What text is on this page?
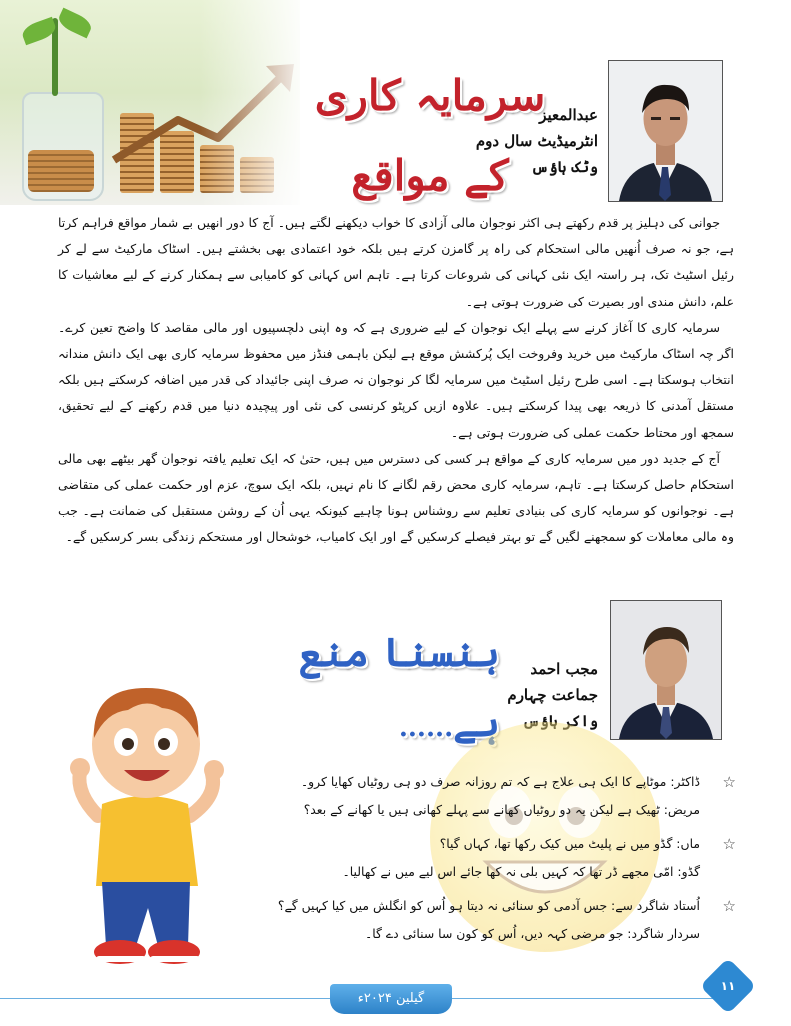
سرمایہ کاری کے مواقع
عبدالمعیز
انٹرمیڈیٹ سال دوم
وٹک ہاؤس

جوانی کی دہلیز پر قدم رکھتے ہی اکثر نوجوان مالی آزادی کا خواب دیکھنے لگتے ہیں۔ آج کا دور انھیں بے شمار مواقع فراہم کرتا ہے، جو نہ صرف اُنھیں مالی استحکام کی راہ پر گامزن کرتے ہیں بلکہ خود اعتمادی بھی بخشتے ہیں۔ اسٹاک مارکیٹ سے لے کر رئیل اسٹیٹ تک، ہر راستہ ایک نئی کہانی کی شروعات کرتا ہے۔ تاہم اس کہانی کو کامیابی سے ہمکنار کرنے کے لیے معاشیات کا علم، دانش مندی اور بصیرت کی ضرورت ہوتی ہے۔

سرمایہ کاری کا آغاز کرنے سے پہلے ایک نوجوان کے لیے ضروری ہے کہ وہ اپنی دلچسپیوں اور مالی مقاصد کا واضح تعین کرے۔ اگر چہ اسٹاک مارکیٹ میں خرید وفروخت ایک پُرکشش موقع ہے لیکن باہمی فنڈز میں محفوظ سرمایہ کاری بھی ایک دانش مندانہ انتخاب ہوسکتا ہے۔ اسی طرح رئیل اسٹیٹ میں سرمایہ لگا کر نوجوان نہ صرف اپنی جائیداد کی قدر میں اضافہ کرسکتے ہیں بلکہ مستقل آمدنی کا ذریعہ بھی پیدا کرسکتے ہیں۔ علاوہ ازیں کرپٹو کرنسی کی نئی اور پیچیدہ دنیا میں قدم رکھنے کے لیے تحقیق، سمجھ اور محتاط حکمت عملی کی ضرورت ہوتی ہے۔

آج کے جدید دور میں سرمایہ کاری کے مواقع ہر کسی کی دسترس میں ہیں، حتیٰ کہ ایک تعلیم یافتہ نوجوان گھر بیٹھے بھی مالی استحکام حاصل کرسکتا ہے۔ تاہم، سرمایہ کاری محض رقم لگانے کا نام نہیں، بلکہ ایک سوچ، عزم اور حکمت عملی کی متقاضی ہے۔ نوجوانوں کو سرمایہ کاری کی بنیادی تعلیم سے روشناس ہونا چاہیے کیونکہ یہی اُن کے روشن مستقبل کی ضمانت ہے۔ جب وہ مالی معاملات کو سمجھنے لگیں گے تو بہتر فیصلے کرسکیں گے اور ایک کامیاب، خوشحال اور مستحکم زندگی بسر کرسکیں گے۔

ہنسنا منع ہے......
مجب احمد
جماعت چہارم
واکر ہاؤس
☆
ڈاکٹر: موٹاپے کا ایک ہی علاج ہے کہ تم روزانہ صرف دو ہی روٹیاں کھایا کرو۔
مریض: ٹھیک ہے لیکن یہ دو روٹیاں کھانے سے پہلے کھانی ہیں یا کھانے کے بعد؟
☆
ماں: گڈو میں نے پلیٹ میں کیک رکھا تھا، کہاں گیا؟
گڈو: امّی مجھے ڈر تھا کہ کہیں بلی نہ کھا جائے اس لیے میں نے کھالیا۔
☆
اُستاد شاگرد سے: جس آدمی کو سنائی نہ دیتا ہو اُس کو انگلش میں کیا کہیں گے؟
سردار شاگرد: جو مرضی کہہ دیں، اُس کو کون سا سنائی دے گا۔
گیلین ۲۰۲۴ء
۱۱
